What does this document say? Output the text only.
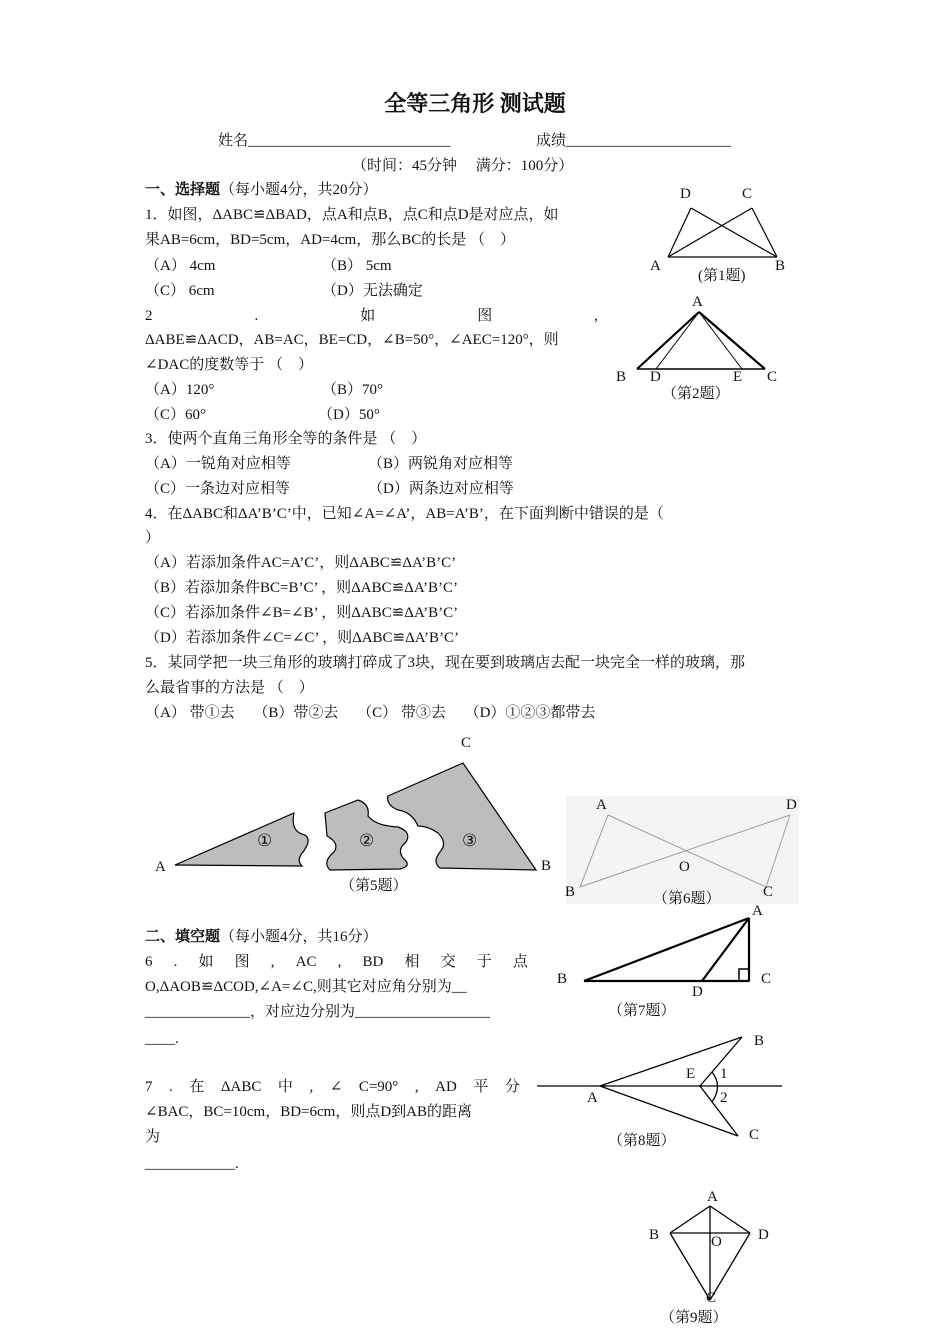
全等三角形 测试题
姓名___________________________	成绩______________________
（时间：45分钟　 满分：100分）
一、选择题（每小题4分，共20分）
1．如图，ΔABC≌ΔBAD，点A和点B，点C和点D是对应点，如
果AB=6cm，BD=5cm，AD=4cm，那么BC的长是 （　）
（A） 4cm	（B） 5cm
（C） 6cm	（D）无法确定
2	.	如	图	,
ΔABE≌ΔACD，AB=AC，BE=CD，∠B=50°，∠AEC=120°，则
∠DAC的度数等于 （　）
（A）120°	（B）70°
（C）60°	（D）50°
3．使两个直角三角形全等的条件是 （　）
（A）一锐角对应相等	（B）两锐角对应相等
（C）一条边对应相等	（D）两条边对应相等
4．在ΔABC和ΔA’B’C’中，已知∠A=∠A’，AB=A’B’，在下面判断中错误的是（
）
（A）若添加条件AC=A’C’，则ΔABC≌ΔA’B’C’
（B）若添加条件BC=B’C’ ，则ΔABC≌ΔA’B’C’
（C）若添加条件∠B=∠B’ ，则ΔABC≌ΔA’B’C’
（D）若添加条件∠C=∠C’ ，则ΔABC≌ΔA’B’C’
5．某同学把一块三角形的玻璃打碎成了3块，现在要到玻璃店去配一块完全一样的玻璃，那
么最省事的方法是 （　）
（A） 带①去　 （B）带②去　 （C） 带③去　 （D）①②③都带去
二、填空题（每小题4分，共16分）
6 . 如 图 , AC , BD 相 交 于 点
O,ΔAOB≌ΔCOD,∠A=∠C,则其它对应角分别为__
______________，对应边分别为__________________
____.
7 . 在 ΔABC 中 , ∠ C=90° , AD 平 分
∠BAC，BC=10cm，BD=6cm，则点D到AB的距离
为
____________.
D	C
A	B
(第1题)
A
B D	E C
（第2题）
C
A	B
①	②	③
（第5题）
A	D
O
B	C
（第6题）
A
B	C
D
（第7题）
B
E 1
A	2
C
（第8题）
A
B	O D
C
（第9题）
